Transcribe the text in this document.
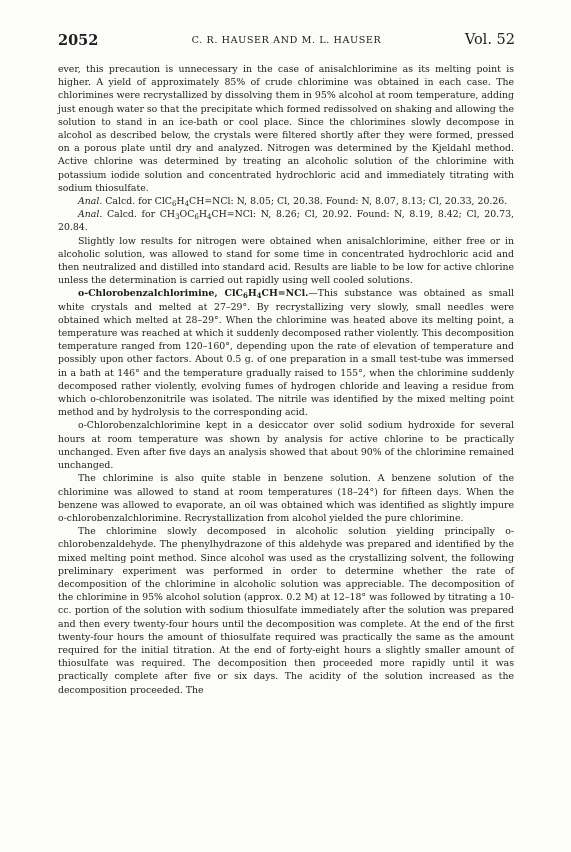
2052	C. R. HAUSER AND M. L. HAUSER	Vol. 52

ever, this precaution is unnecessary in the case of anisalchlorimine as its melting point is higher. A yield of approximately 85% of crude chlorimine was obtained in each case. The chlorimines were recrystallized by dissolving them in 95% alcohol at room temperature, adding just enough water so that the precipitate which formed redissolved on shaking and allowing the solution to stand in an ice-bath or cool place. Since the chlorimines slowly decompose in alcohol as described below, the crystals were filtered shortly after they were formed, pressed on a porous plate until dry and analyzed. Nitrogen was determined by the Kjeldahl method. Active chlorine was determined by treating an alcoholic solution of the chlorimine with potassium iodide solution and concentrated hydrochloric acid and immediately titrating with sodium thiosulfate.

Anal. Calcd. for $ClC_6H_4CH=NCl$: N, 8.05; Cl, 20.38. Found: N, 8.07, 8.13; Cl, 20.33, 20.26.

Anal. Calcd. for $CH_3OC_6H_4CH=NCl$: N, 8.26; Cl, 20.92. Found: N, 8.19, 8.42; Cl, 20.73, 20.84.

Slightly low results for nitrogen were obtained when anisalchlorimine, either free or in alcoholic solution, was allowed to stand for some time in concentrated hydrochloric acid and then neutralized and distilled into standard acid. Results are liable to be low for active chlorine unless the determination is carried out rapidly using well cooled solutions.

o-Chlorobenzalchlorimine, $ClC_6H_4CH=NCl.—This$ substance was obtained as small white crystals and melted at 27–29°. By recrystallizing very slowly, small needles were obtained which melted at 28–29°. When the chlorimine was heated above its melting point, a temperature was reached at which it suddenly decomposed rather violently. This decomposition temperature ranged from 120–160°, depending upon the rate of elevation of temperature and possibly upon other factors. About 0.5 g. of one preparation in a small test-tube was immersed in a bath at 146° and the temperature gradually raised to 155°, when the chlorimine suddenly decomposed rather violently, evolving fumes of hydrogen chloride and leaving a residue from which o-chlorobenzonitrile was isolated. The nitrile was identified by the mixed melting point method and by hydrolysis to the corresponding acid.

o-Chlorobenzalchlorimine kept in a desiccator over solid sodium hydroxide for several hours at room temperature was shown by analysis for active chlorine to be practically unchanged. Even after five days an analysis showed that about 90% of the chlorimine remained unchanged.

The chlorimine is also quite stable in benzene solution. A benzene solution of the chlorimine was allowed to stand at room temperatures (18–24°) for fifteen days. When the benzene was allowed to evaporate, an oil was obtained which was identified as slightly impure o-chlorobenzalchlorimine. Recrystallization from alcohol yielded the pure chlorimine.

The chlorimine slowly decomposed in alcoholic solution yielding principally o-chlorobenzaldehyde. The phenylhydrazone of this aldehyde was prepared and identified by the mixed melting point method. Since alcohol was used as the crystallizing solvent, the following preliminary experiment was performed in order to determine whether the rate of decomposition of the chlorimine in alcoholic solution was appreciable. The decomposition of the chlorimine in 95% alcohol solution (approx. 0.2 M) at 12–18° was followed by titrating a 10-cc. portion of the solution with sodium thiosulfate immediately after the solution was prepared and then every twenty-four hours until the decomposition was complete. At the end of the first twenty-four hours the amount of thiosulfate required was practically the same as the amount required for the initial titration. At the end of forty-eight hours a slightly smaller amount of thiosulfate was required. The decomposition then proceeded more rapidly until it was practically complete after five or six days. The acidity of the solution increased as the decomposition proceeded. The
